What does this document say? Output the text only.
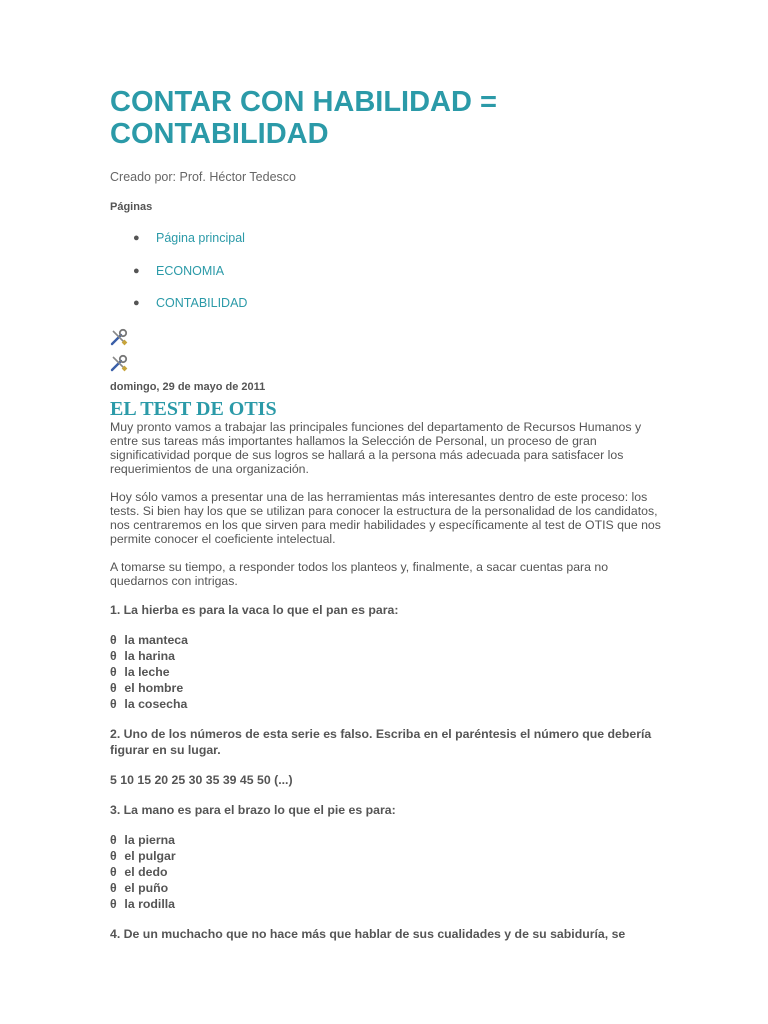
CONTAR CON HABILIDAD = CONTABILIDAD
Creado por: Prof. Héctor Tedesco
Páginas
● Página principal
● ECONOMIA
● CONTABILIDAD
domingo, 29 de mayo de 2011
EL TEST DE OTIS

Muy pronto vamos a trabajar las principales funciones del departamento de Recursos Humanos y entre sus tareas más importantes hallamos la Selección de Personal, un proceso de gran significatividad porque de sus logros se hallará a la persona más adecuada para satisfacer los requerimientos de una organización.

Hoy sólo vamos a presentar una de las herramientas más interesantes dentro de este proceso: los tests. Si bien hay los que se utilizan para conocer la estructura de la personalidad de los candidatos, nos centraremos en los que sirven para medir habilidades y específicamente al test de OTIS que nos permite conocer el coeficiente intelectual.

A tomarse su tiempo, a responder todos los planteos y, finalmente, a sacar cuentas para no quedarnos con intrigas.

1. La hierba es para la vaca lo que el pan es para:

θ la manteca
θ la harina
θ la leche
θ el hombre
θ la cosecha

2. Uno de los números de esta serie es falso. Escriba en el paréntesis el número que debería figurar en su lugar.

5 10 15 20 25 30 35 39 45 50 (...)

3. La mano es para el brazo lo que el pie es para:

θ la pierna
θ el pulgar
θ el dedo
θ el puño
θ la rodilla

4. De un muchacho que no hace más que hablar de sus cualidades y de su sabiduría, se
